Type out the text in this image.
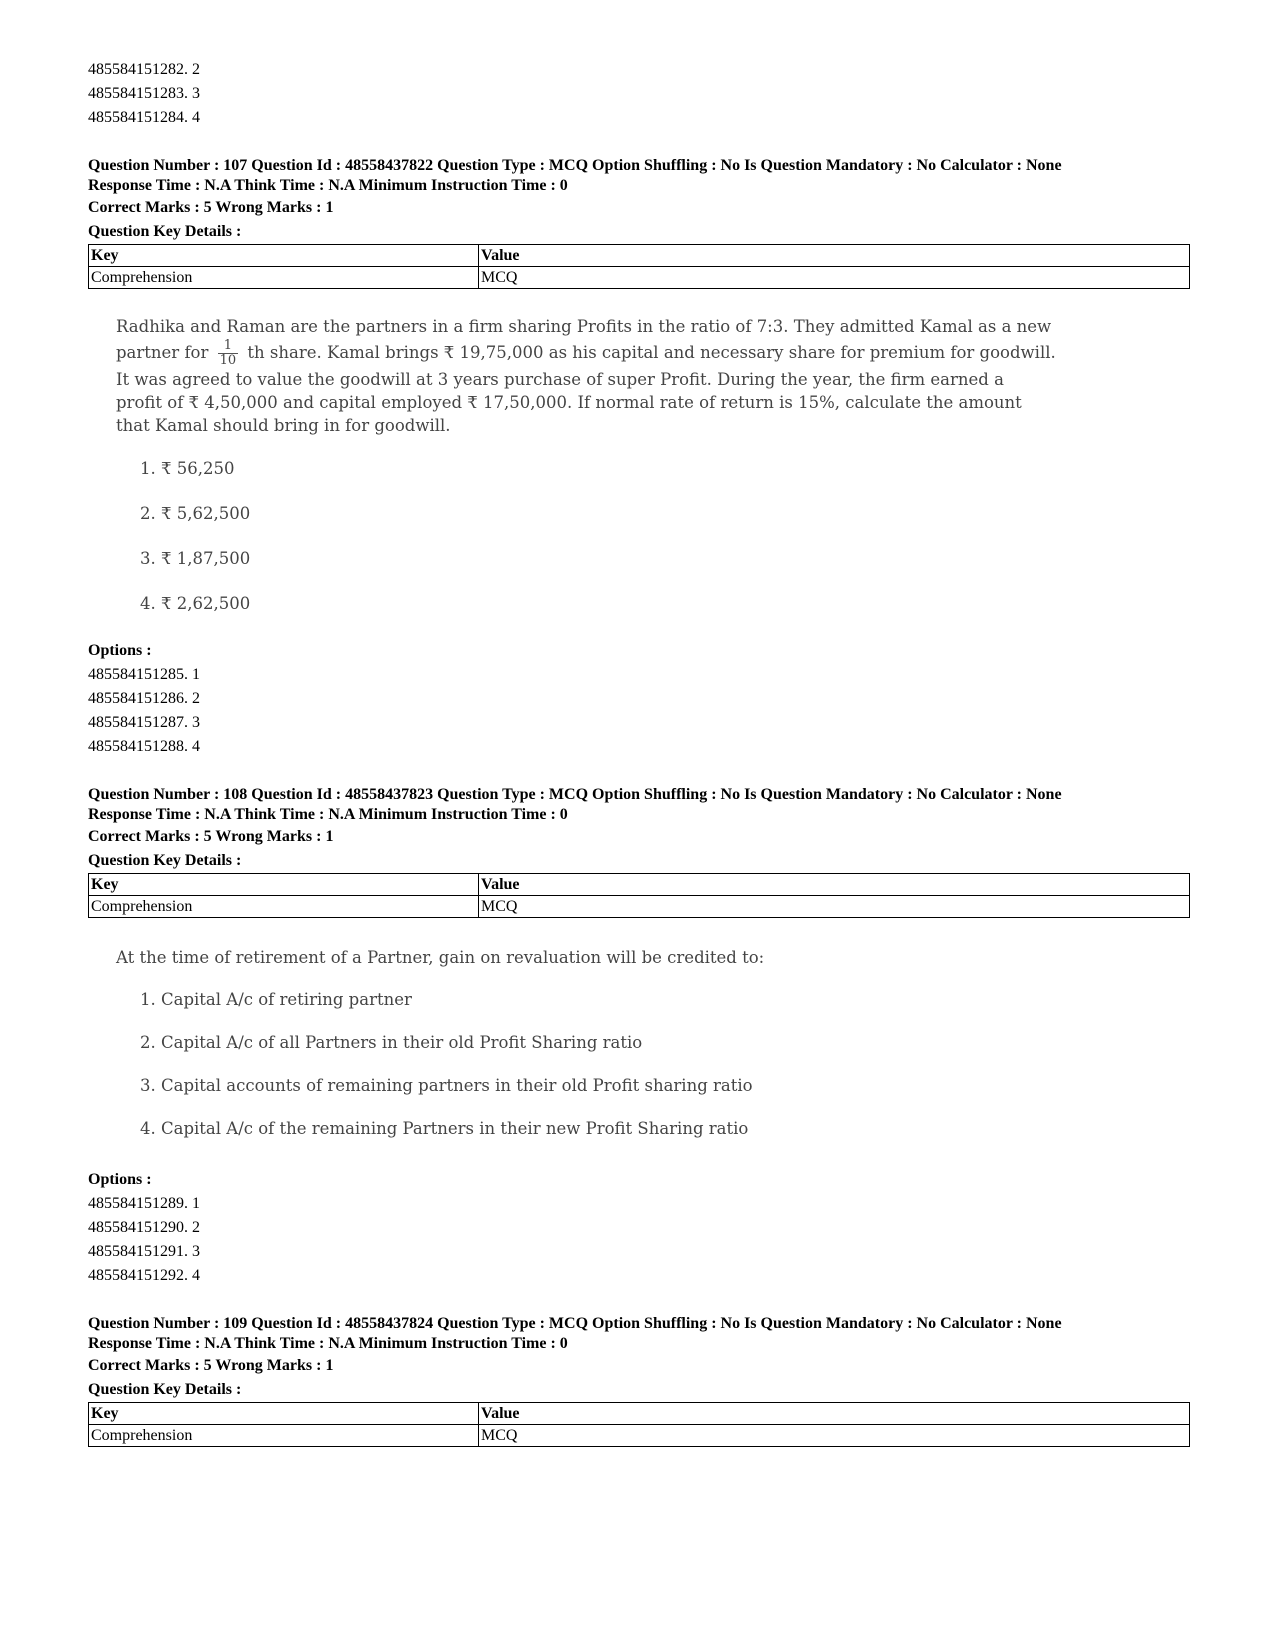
485584151282. 2
485584151283. 3
485584151284. 4
Question Number : 107 Question Id : 48558437822 Question Type : MCQ Option Shuffling : No Is Question Mandatory : No Calculator : None
Response Time : N.A Think Time : N.A Minimum Instruction Time : 0
Correct Marks : 5 Wrong Marks : 1
Question Key Details :
Key	Value
Comprehension	MCQ

Radhika and Raman are the partners in a firm sharing Profits in the ratio of 7:3. They admitted Kamal as a new

partner for $\frac{1}{10}$ th share. Kamal brings ₹ 19,75,000 as his capital and necessary share for premium for goodwill.

It was agreed to value the goodwill at 3 years purchase of super Profit. During the year, the firm earned a

profit of ₹ 4,50,000 and capital employed ₹ 17,50,000. If normal rate of return is 15%, calculate the amount

that Kamal should bring in for goodwill.

1. ₹ 56,250
2. ₹ 5,62,500
3. ₹ 1,87,500
4. ₹ 2,62,500
Options :
485584151285. 1
485584151286. 2
485584151287. 3
485584151288. 4
Question Number : 108 Question Id : 48558437823 Question Type : MCQ Option Shuffling : No Is Question Mandatory : No Calculator : None
Response Time : N.A Think Time : N.A Minimum Instruction Time : 0
Correct Marks : 5 Wrong Marks : 1
Question Key Details :
Key	Value
Comprehension	MCQ

At the time of retirement of a Partner, gain on revaluation will be credited to:

1. Capital A/c of retiring partner
2. Capital A/c of all Partners in their old Profit Sharing ratio
3. Capital accounts of remaining partners in their old Profit sharing ratio
4. Capital A/c of the remaining Partners in their new Profit Sharing ratio
Options :
485584151289. 1
485584151290. 2
485584151291. 3
485584151292. 4
Question Number : 109 Question Id : 48558437824 Question Type : MCQ Option Shuffling : No Is Question Mandatory : No Calculator : None
Response Time : N.A Think Time : N.A Minimum Instruction Time : 0
Correct Marks : 5 Wrong Marks : 1
Question Key Details :
Key	Value
Comprehension	MCQ
